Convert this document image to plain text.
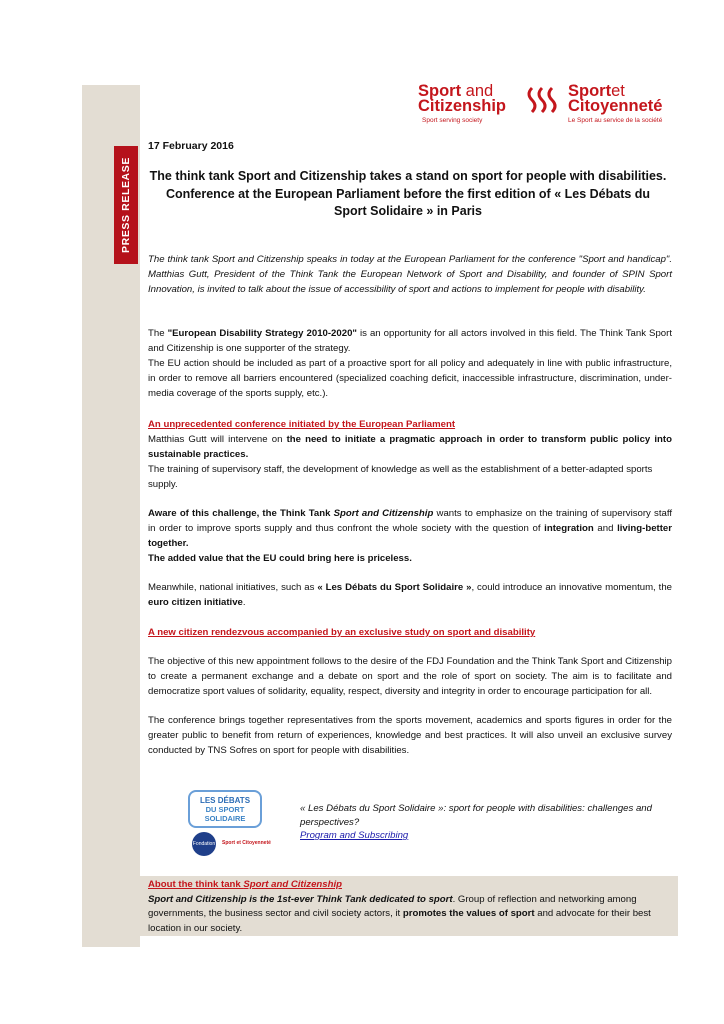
PRESS RELEASE
Sport and
Citizenship
Sportet
Citoyenneté
Sport serving society	Le Sport au service de la société
17 February 2016
The think tank Sport and Citizenship takes a stand on sport for people with disabilities.
Conference at the European Parliament before the first edition of « Les Débats du Sport Solidaire » in Paris

The think tank Sport and Citizenship speaks in today at the European Parliament for the conference "Sport and handicap". Matthias Gutt, President of the Think Tank the European Network of Sport and Disability, and founder of SPIN Sport Innovation, is invited to talk about the issue of accessibility of sport and actions to implement for people with disability.

The "European Disability Strategy 2010-2020" is an opportunity for all actors involved in this field. The Think Tank Sport and Citizenship is one supporter of the strategy.

The EU action should be included as part of a proactive sport for all policy and adequately in line with public infrastructure, in order to remove all barriers encountered (specialized coaching deficit, inaccessible infrastructure, discrimination, under-media coverage of the sports supply, etc.).

An unprecedented conference initiated by the European Parliament

Matthias Gutt will intervene on the need to initiate a pragmatic approach in order to transform public policy into sustainable practices.

The training of supervisory staff, the development of knowledge as well as the establishment of a better-adapted sports supply.

Aware of this challenge, the Think Tank Sport and Citizenship wants to emphasize on the training of supervisory staff in order to improve sports supply and thus confront the whole society with the question of integration and living-better together.

The added value that the EU could bring here is priceless.

Meanwhile, national initiatives, such as « Les Débats du Sport Solidaire », could introduce an innovative momentum, the euro citizen initiative.

A new citizen rendezvous accompanied by an exclusive study on sport and disability

The objective of this new appointment follows to the desire of the FDJ Foundation and the Think Tank Sport and Citizenship to create a permanent exchange and a debate on sport and the role of sport on society. The aim is to facilitate and democratize sport values of solidarity, equality, respect, diversity and integrity in order to encourage participation for all.

The conference brings together representatives from the sports movement, academics and sports figures in order for the greater public to benefit from return of experiences, knowledge and best practices. It will also unveil an exclusive survey conducted by TNS Sofres on sport for people with disabilities.

LES DÉBATS
DU SPORT
SOLIDAIRE
Fondation FDJ
Sport et Citoyenneté
« Les Débats du Sport Solidaire »: sport for people with disabilities: challenges and perspectives?
Program and Subscribing
About the think tank Sport and Citizenship
Sport and Citizenship is the 1st-ever Think Tank dedicated to sport. Group of reflection and networking among governments, the business sector and civil society actors, it promotes the values of sport and advocate for their best location in our society.
